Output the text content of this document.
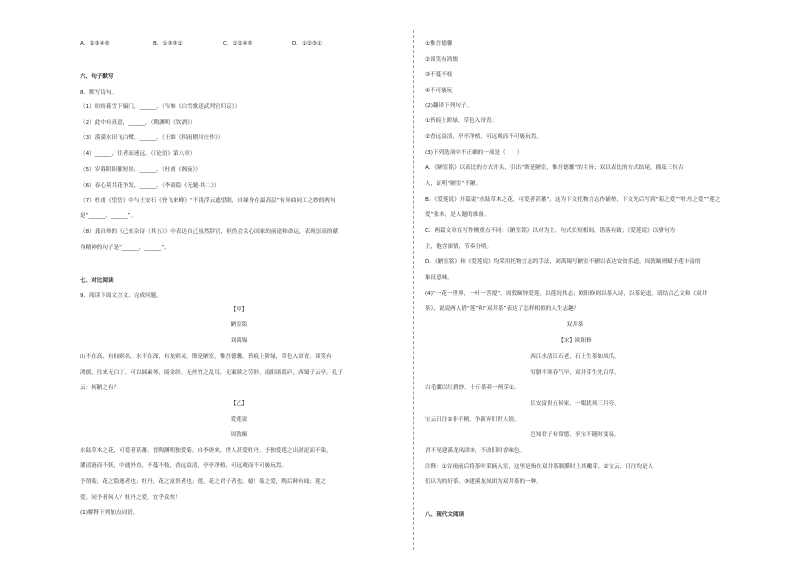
A．②③④⑤	B．①③⑤①	C．①②④⑤	D．①②③①
六、句子默写
8．默写诗句。
（1）纷纷暮雪下辕门，______。（岑参《白雪歌送武判官归京》）
（2）此中有真意，______。（陶渊明《饮酒》）
（3）漠漠水田飞白鹭，______。（王维《积雨辋川庄作》）
（4）______，往者而迷远。（《论语》第八章）
（5）岁暮阴阳催短景，______。（杜甫《阁夜》）
（6）春心莫共花争发，______。（李商隐《无题·其二》）
（7）杜甫《望岳》中与王安石《登飞来峰》“不畏浮云遮望眼，自缘身在最高层”有异曲同工之妙的两句
是“______，______”。
（8）龚自珍的《己亥杂诗（其五）》中表达自己虽然辞官，但仍会关心国家的前途和命运，表现崇高的献
身精神的句子是“______，______”。
七、对比阅读
9．阅读下面文言文，完成问题。
【甲】
陋室铭
刘禹锡
山不在高，有仙则名。水不在深，有龙则灵。斯是陋室，惟吾德馨。苔痕上阶绿，草色入帘青。谈笑有
鸿儒，往来无白丁。可以调素琴，阅金经。无丝竹之乱耳，无案牍之劳形。南阳诸葛庐，西蜀子云亭。孔子
云：何陋之有？
【乙】
爱莲说
周敦颐
水陆草木之花，可爱者甚蕃。晋陶渊明独爱菊。自李唐来，世人甚爱牡丹。予独爱莲之出淤泥而不染，
濯清涟而不妖，中通外直，不蔓不枝，香远益清，亭亭净植，可远观而不可亵玩焉。
予谓菊，花之隐逸者也；牡丹，花之富贵者也；莲，花之君子者也。噫！菊之爱，陶后鲜有闻；莲之
爱，同予者何人？牡丹之爱，宜乎众矣！
(1)解释下列加点词语。
①惟吾德馨
②谈笑有鸿儒
③不蔓不枝
④不可亵玩
(2)翻译下列句子。
①苔痕上阶绿，草色入帘青。
②香远益清，亭亭净植，可远观而不可亵玩焉。
(3)下列选项中不正确的一项是（　　）
A．《陋室铭》以表比的方式开头，引出“斯是陋室，惟吾德馨”的主旨；双以表比的方式结尾，描及三位古
人，证明“陋室”不陋。
B．《爱莲说》开篇说“水陆草木之花，可爱者甚蕃”，这为下文托物言志作铺垫，下文先后写到“菊之爱”“牡丹之爱”“莲之
爱”张本，是人题的准备。
C．两篇文章在写作侧重点不同：《陋室铭》以对为主，句式长短相间，错落有致；《爱莲说》以骈句为
主，饱含深情，节奏分明。
D．《陋室铭》和《爱莲说》均采用托物言志的手法，刘禹锡写陋室不陋以表达安贫乐道，周敦颐则赋予莲丰富的
象征意味。
(4)“一花一世界，一叶一菩提”，周敦颐钟爱莲，以莲况其志；欧阳修则以茶入诗，以茶论道。请结合乙文和《双井
茶》，说说两人借“莲”和“双井茶”表达了怎样相似的人生志趣？
双井茶
【宋】欧阳修
西江水清江石老，石上生茶如凤爪。
穷腊不寒春气早，双井芽生先百草。
白毛囊以红碧纱，十斤茶养一两芽①。
长安富贵五侯家，一啜犹须三月夸。
宝云日注②非不精，争新弃旧世人情。
岂知君子有常德，至宝不随时变易。
君不见建溪龙凤团③，不改旧时香味色。
注释：①谷雨前后将茶叶采摘入室，这里是指在双井茶制膜时上其嫩芽。②宝云、日注均是人
们认为的好茶。③建溪龙凤团为双井茶的一种。
八、现代文阅读
